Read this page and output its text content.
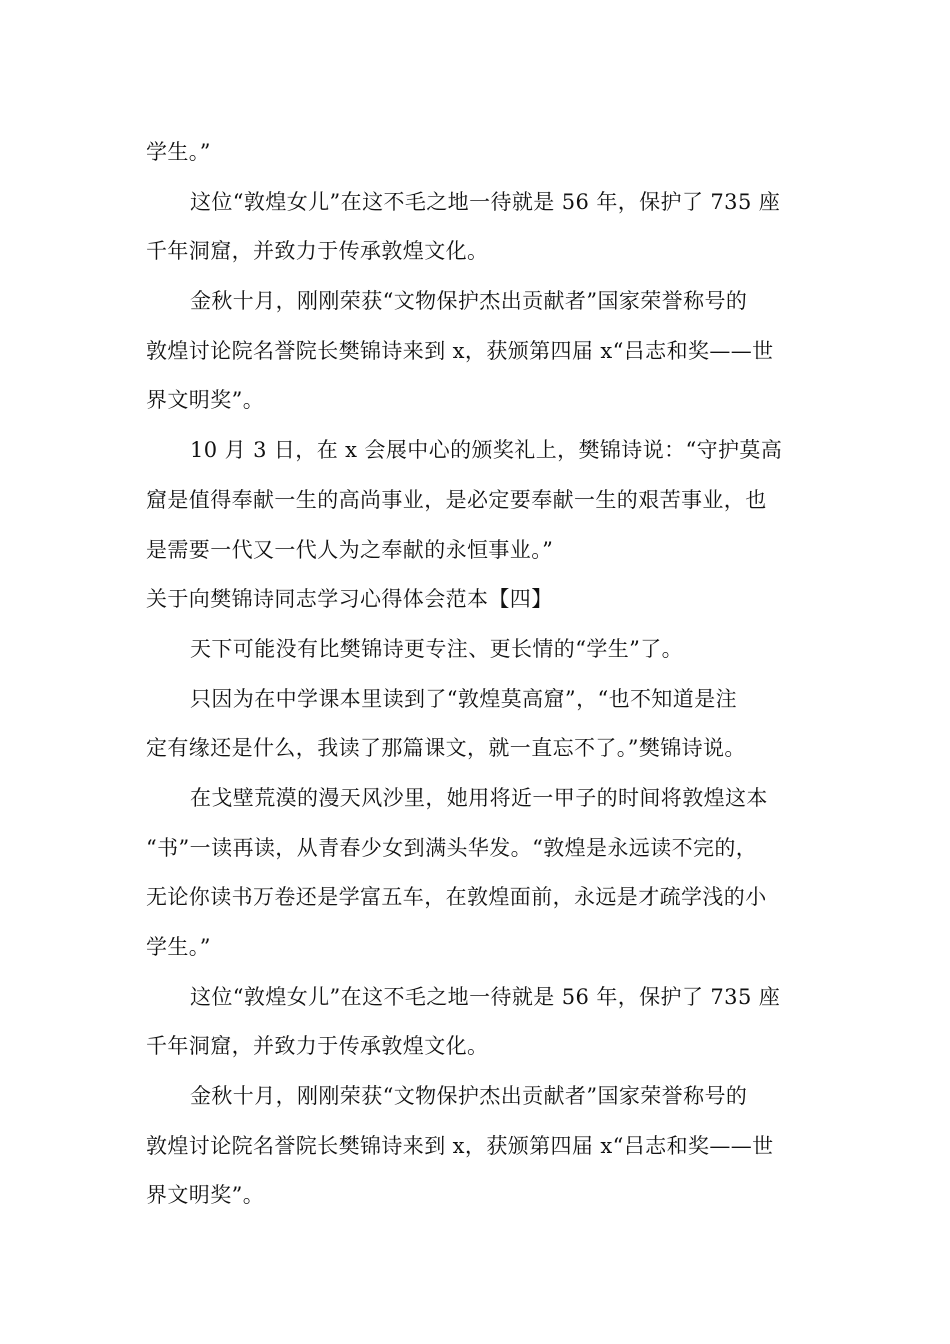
学生。”
这位“敦煌女儿”在这不毛之地一待就是 56 年，保护了 735 座
千年洞窟，并致力于传承敦煌文化。
金秋十月，刚刚荣获“文物保护杰出贡献者”国家荣誉称号的
敦煌讨论院名誉院长樊锦诗来到 x，获颁第四届 x“吕志和奖——世
界文明奖”。
10 月 3 日，在 x 会展中心的颁奖礼上，樊锦诗说：“守护莫高
窟是值得奉献一生的高尚事业，是必定要奉献一生的艰苦事业，也
是需要一代又一代人为之奉献的永恒事业。”
关于向樊锦诗同志学习心得体会范本【四】
天下可能没有比樊锦诗更专注、更长情的“学生”了。
只因为在中学课本里读到了“敦煌莫高窟”，“也不知道是注
定有缘还是什么，我读了那篇课文，就一直忘不了。”樊锦诗说。
在戈壁荒漠的漫天风沙里，她用将近一甲子的时间将敦煌这本
“书”一读再读，从青春少女到满头华发。“敦煌是永远读不完的，
无论你读书万卷还是学富五车，在敦煌面前，永远是才疏学浅的小
学生。”
这位“敦煌女儿”在这不毛之地一待就是 56 年，保护了 735 座
千年洞窟，并致力于传承敦煌文化。
金秋十月，刚刚荣获“文物保护杰出贡献者”国家荣誉称号的
敦煌讨论院名誉院长樊锦诗来到 x，获颁第四届 x“吕志和奖——世
界文明奖”。
